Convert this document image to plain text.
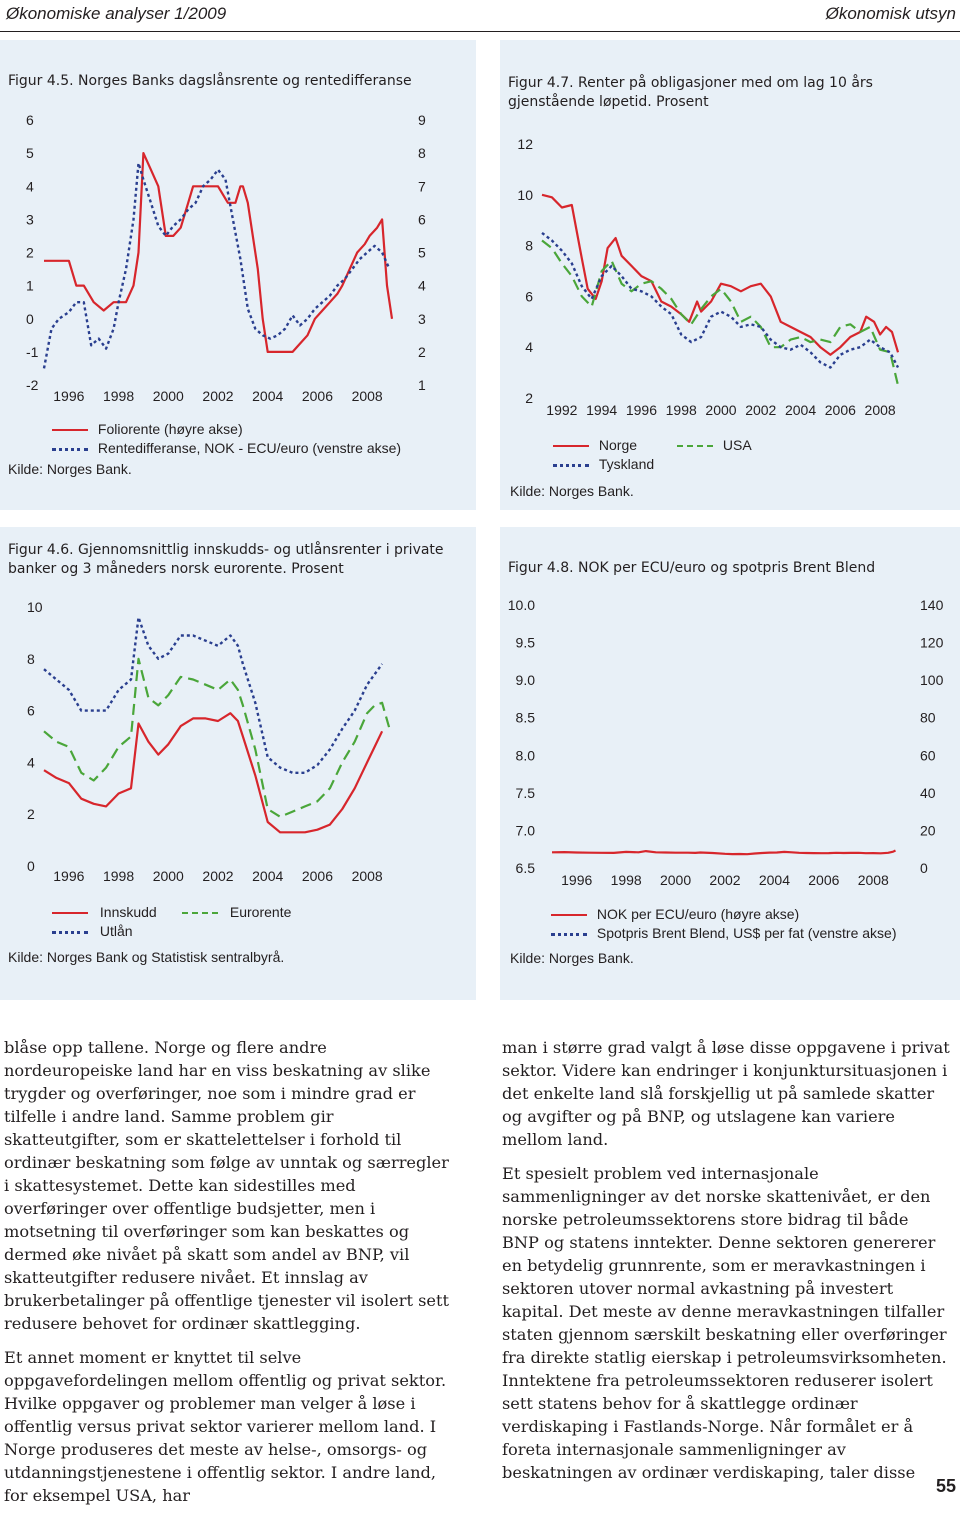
Økonomiske analyser 1/2009	Økonomisk utsyn
Figur 4.5. Norges Banks dagslånsrente og rentedifferanse	Figur 4.7. Renter på obligasjoner med om lag 10 års gjenstående løpetid. Prosent
Figur 4.6. Gjennomsnittlig innskudds- og utlånsrenter i private banker og 3 måneders norsk eurorente. Prosent	Figur 4.8. NOK per ECU/euro og spotpris Brent Blend
6
5
4
3
2
1
0
-1
-2
9
8
7
6
5
4
3
2
1
1996 1998 2000 2002 2004 2006 2008
12
10
8
6
4
2
1992 1994 1996 1998 2000 2002 2004 2006 2008
10
8
6
4
2
0
1996 1998 2000 2002 2004 2006 2008
10.0
9.5
9.0
8.5
8.0
7.5
7.0
6.5
140
120
100
80
60
40
20
0
1996 1998 2000 2002 2004 2006 2008
Foliorente (høyre akse)
Rentedifferanse, NOK - ECU/euro (venstre akse)
Kilde: Norges Bank.
Norge	USA
Tyskland
Kilde: Norges Bank.
Innskudd	Eurorente
Utlån
Kilde: Norges Bank og Statistisk sentralbyrå.
NOK per ECU/euro (høyre akse)
Spotpris Brent Blend, US$ per fat (venstre akse)
Kilde: Norges Bank.

blåse opp tallene. Norge og flere andre nordeuropeiske land har en viss beskatning av slike trygder og overføringer, noe som i mindre grad er tilfelle i andre land. Samme problem gir skatteutgifter, som er skattelettelser i forhold til ordinær beskatning som følge av unntak og særregler i skattesystemet. Dette kan sidestilles med overføringer over offentlige budsjetter, men i motsetning til overføringer som kan beskattes og dermed øke nivået på skatt som andel av BNP, vil skatteutgifter redusere nivået. Et innslag av brukerbetalinger på offentlige tjenester vil isolert sett redusere behovet for ordinær skattlegging.

Et annet moment er knyttet til selve oppgavefordelingen mellom offentlig og privat sektor. Hvilke oppgaver og problemer man velger å løse i offentlig versus privat sektor varierer mellom land. I Norge produseres det meste av helse-, omsorgs- og utdanningstjenestene i offentlig sektor. I andre land, for eksempel USA, har

man i større grad valgt å løse disse oppgavene i privat sektor. Videre kan endringer i konjunktursituasjonen i det enkelte land slå forskjellig ut på samlede skatter og avgifter og på BNP, og utslagene kan variere mellom land.

Et spesielt problem ved internasjonale sammenligninger av det norske skattenivået, er den norske petroleumssektorens store bidrag til både BNP og statens inntekter. Denne sektoren genererer en betydelig grunnrente, som er meravkastningen i sektoren utover normal avkastning på investert kapital. Det meste av denne meravkastningen tilfaller staten gjennom særskilt beskatning eller overføringer fra direkte statlig eierskap i petroleumsvirksomheten. Inntektene fra petroleumssektoren reduserer isolert sett statens behov for å skattlegge ordinær verdiskaping i Fastlands-Norge. Når formålet er å foreta internasjonale sammenligninger av beskatningen av ordinær verdiskaping, taler disse

55
